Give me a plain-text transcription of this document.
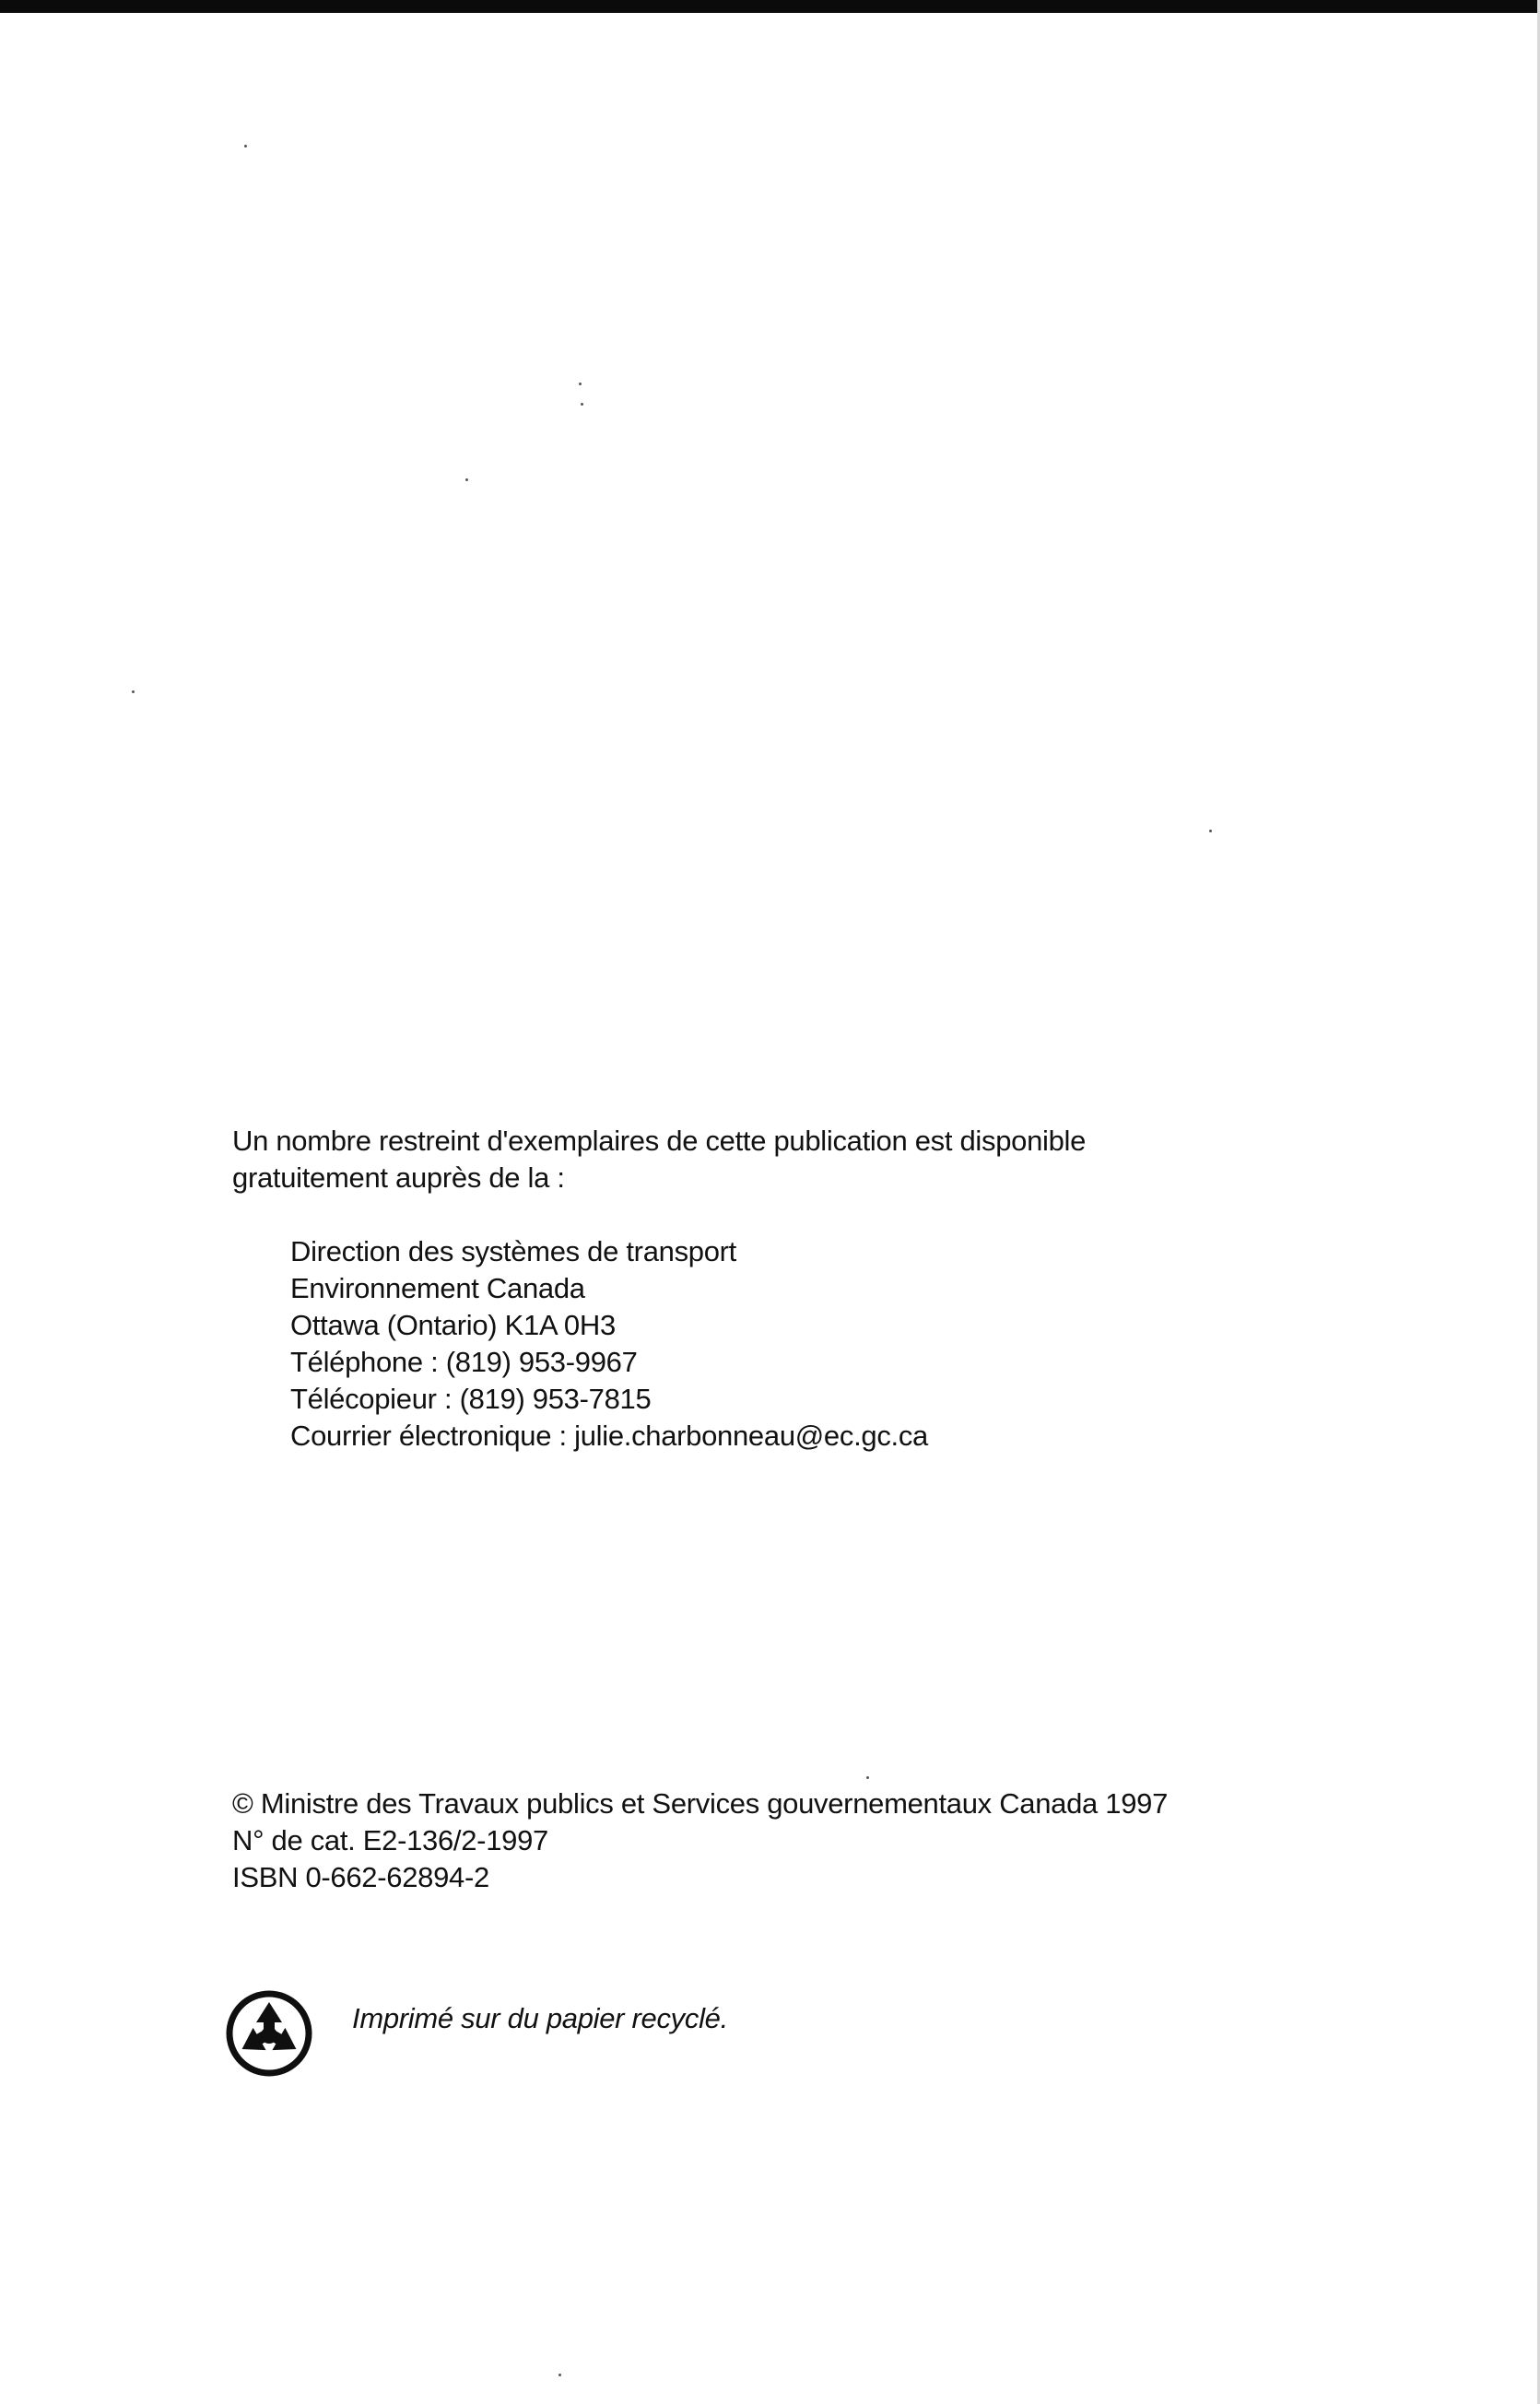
Un nombre restreint d'exemplaires de cette publication est disponible
gratuitement auprès de la :
Direction des systèmes de transport
Environnement Canada
Ottawa (Ontario) K1A 0H3
Téléphone : (819) 953-9967
Télécopieur : (819) 953-7815
Courrier électronique : julie.charbonneau@ec.gc.ca
© Ministre des Travaux publics et Services gouvernementaux Canada 1997
N° de cat. E2-136/2-1997
ISBN 0-662-62894-2
Imprimé sur du papier recyclé.
